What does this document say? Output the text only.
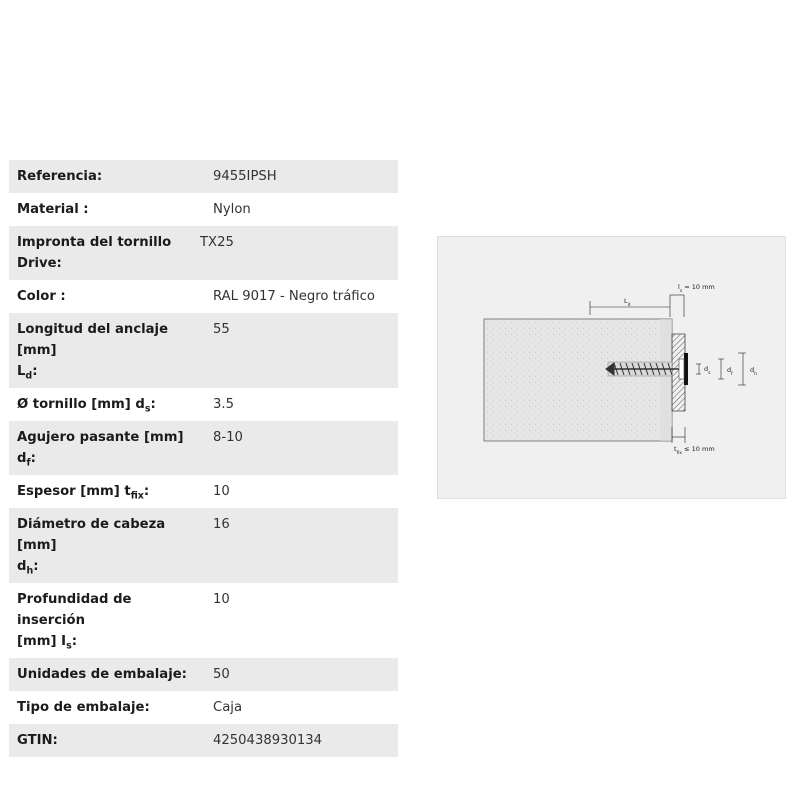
Referencia:	9455IPSH
Material :	Nylon
Impronta del tornillo Drive:	TX25
Color :	RAL 9017 - Negro tráfico
Longitud del anclaje [mm]
$L_d$:	55
Ø tornillo [mm] $d_s$:	3.5
Agujero pasante [mm] $d_f$:	8-10
Espesor [mm] $t_{fix}$:	10
Diámetro de cabeza [mm]
$d_h$:	16
Profundidad de inserción
[mm] $I_s$:	10
Unidades de embalaje:	50
Tipo de embalaje:	Caja
GTIN:	4250438930134
$l_s = 10$ mm
$L_d$
$d_s$	$d_f$	$d_h$
$t_{fix} \le 10$ mm
